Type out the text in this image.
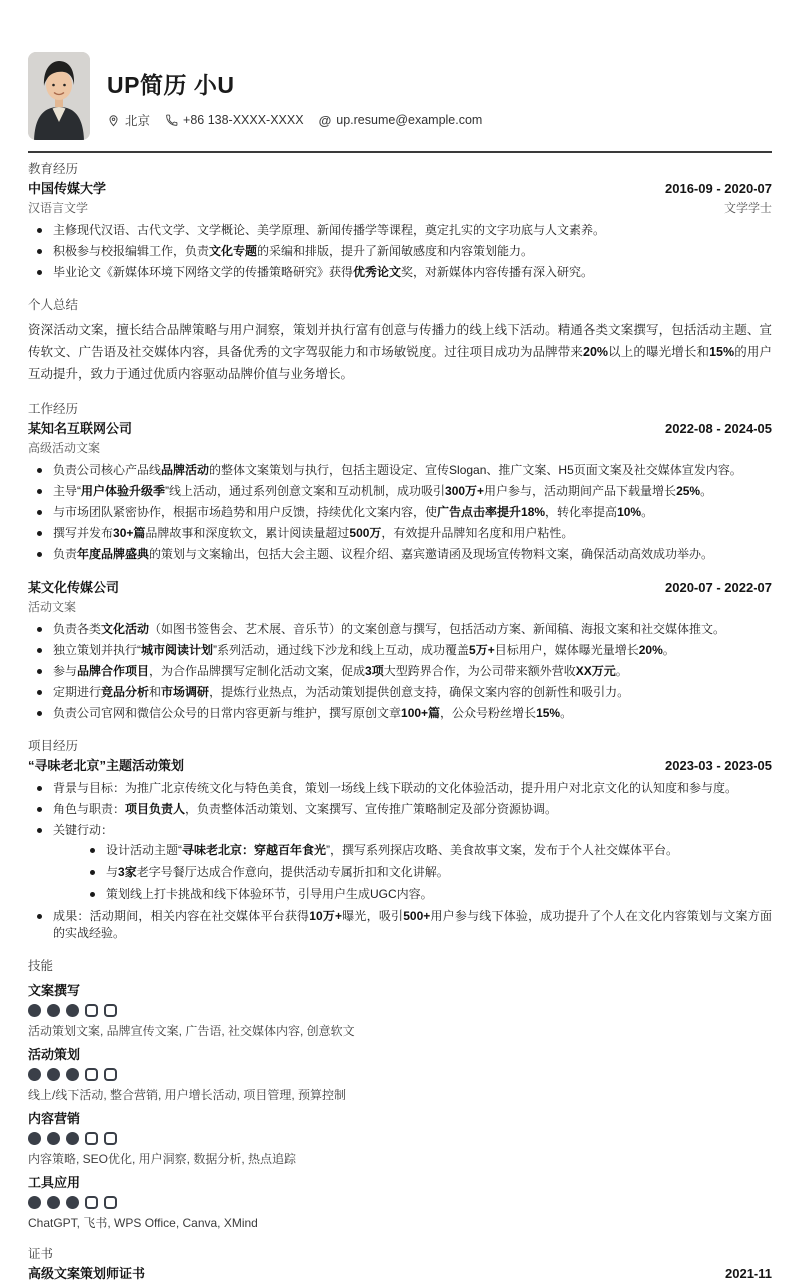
UP简历 小U
北京	+86 138-XXXX-XXXX @ up.resume@example.com
教育经历
中国传媒大学	2016-09 - 2020-07
汉语言文学	文学学士
主修现代汉语、古代文学、文学概论、美学原理、新闻传播学等课程，奠定扎实的文字功底与人文素养。
积极参与校报编辑工作，负责文化专题的采编和排版，提升了新闻敏感度和内容策划能力。
毕业论文《新媒体环境下网络文学的传播策略研究》获得优秀论文奖，对新媒体内容传播有深入研究。
个人总结
资深活动文案，擅长结合品牌策略与用户洞察，策划并执行富有创意与传播力的线上线下活动。精通各类文案撰写，包括活动主题、宣传软文、广告语及社交媒体内容，具备优秀的文字驾驭能力和市场敏锐度。过往项目成功为品牌带来20%以上的曝光增长和15%的用户互动提升，致力于通过优质内容驱动品牌价值与业务增长。
工作经历
某知名互联网公司	2022-08 - 2024-05
高级活动文案
负责公司核心产品线品牌活动的整体文案策划与执行，包括主题设定、宣传Slogan、推广文案、H5页面文案及社交媒体宣发内容。
主导“用户体验升级季”线上活动，通过系列创意文案和互动机制，成功吸引300万+用户参与，活动期间产品下载量增长25%。
与市场团队紧密协作，根据市场趋势和用户反馈，持续优化文案内容，使广告点击率提升18%，转化率提高10%。
撰写并发布30+篇品牌故事和深度软文，累计阅读量超过500万，有效提升品牌知名度和用户粘性。
负责年度品牌盛典的策划与文案输出，包括大会主题、议程介绍、嘉宾邀请函及现场宣传物料文案，确保活动高效成功举办。
某文化传媒公司	2020-07 - 2022-07
活动文案
负责各类文化活动（如图书签售会、艺术展、音乐节）的文案创意与撰写，包括活动方案、新闻稿、海报文案和社交媒体推文。
独立策划并执行“城市阅读计划”系列活动，通过线下沙龙和线上互动，成功覆盖5万+目标用户，媒体曝光量增长20%。
参与品牌合作项目，为合作品牌撰写定制化活动文案，促成3项大型跨界合作，为公司带来额外营收XX万元。
定期进行竞品分析和市场调研，提炼行业热点，为活动策划提供创意支持，确保文案内容的创新性和吸引力。
负责公司官网和微信公众号的日常内容更新与维护，撰写原创文章100+篇，公众号粉丝增长15%。
项目经历
“寻味老北京”主题活动策划	2023-03 - 2023-05
背景与目标：为推广北京传统文化与特色美食，策划一场线上线下联动的文化体验活动，提升用户对北京文化的认知度和参与度。
角色与职责：项目负责人，负责整体活动策划、文案撰写、宣传推广策略制定及部分资源协调。
关键行动：
设计活动主题“寻味老北京：穿越百年食光”，撰写系列探店攻略、美食故事文案，发布于个人社交媒体平台。
与3家老字号餐厅达成合作意向，提供活动专属折扣和文化讲解。
策划线上打卡挑战和线下体验环节，引导用户生成UGC内容。
成果：活动期间，相关内容在社交媒体平台获得10万+曝光，吸引500+用户参与线下体验，成功提升了个人在文化内容策划与文案方面的实战经验。
技能
文案撰写
活动策划文案, 品牌宣传文案, 广告语, 社交媒体内容, 创意软文
活动策划
线上/线下活动, 整合营销, 用户增长活动, 项目管理, 预算控制
内容营销
内容策略, SEO优化, 用户洞察, 数据分析, 热点追踪
工具应用
ChatGPT, 飞书, WPS Office, Canva, XMind
证书
高级文案策划师证书	2021-11
